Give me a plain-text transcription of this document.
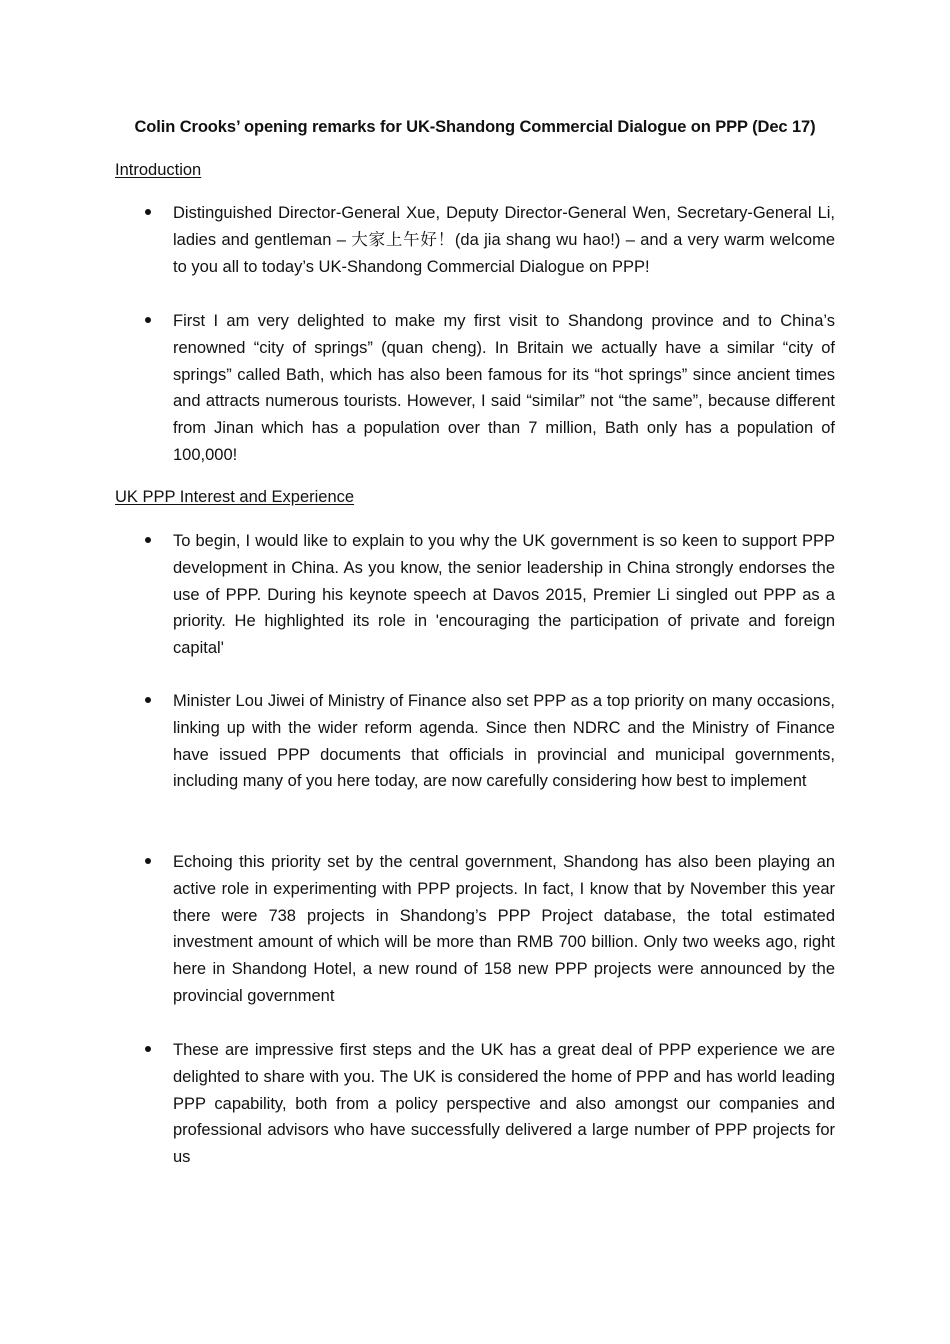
Colin Crooks’ opening remarks for UK-Shandong Commercial Dialogue on PPP (Dec 17)
Introduction
Distinguished Director-General Xue, Deputy Director-General Wen, Secretary-General Li, ladies and gentleman – 大家上午好！(da jia shang wu hao!) – and a very warm welcome to you all to today’s UK-Shandong Commercial Dialogue on PPP!
First I am very delighted to make my first visit to Shandong province and to China’s renowned “city of springs” (quan cheng). In Britain we actually have a similar “city of springs” called Bath, which has also been famous for its “hot springs” since ancient times and attracts numerous tourists. However, I said “similar” not “the same”, because different from Jinan which has a population over than 7 million, Bath only has a population of 100,000!
UK PPP Interest and Experience
To begin, I would like to explain to you why the UK government is so keen to support PPP development in China. As you know, the senior leadership in China strongly endorses the use of PPP. During his keynote speech at Davos 2015, Premier Li singled out PPP as a priority. He highlighted its role in 'encouraging the participation of private and foreign capital'
Minister Lou Jiwei of Ministry of Finance also set PPP as a top priority on many occasions, linking up with the wider reform agenda. Since then NDRC and the Ministry of Finance have issued PPP documents that officials in provincial and municipal governments, including many of you here today, are now carefully considering how best to implement
Echoing this priority set by the central government, Shandong has also been playing an active role in experimenting with PPP projects. In fact, I know that by November this year there were 738 projects in Shandong’s PPP Project database, the total estimated investment amount of which will be more than RMB 700 billion. Only two weeks ago, right here in Shandong Hotel, a new round of 158 new PPP projects were announced by the provincial government
These are impressive first steps and the UK has a great deal of PPP experience we are delighted to share with you. The UK is considered the home of PPP and has world leading PPP capability, both from a policy perspective and also amongst our companies and professional advisors who have successfully delivered a large number of PPP projects for us
